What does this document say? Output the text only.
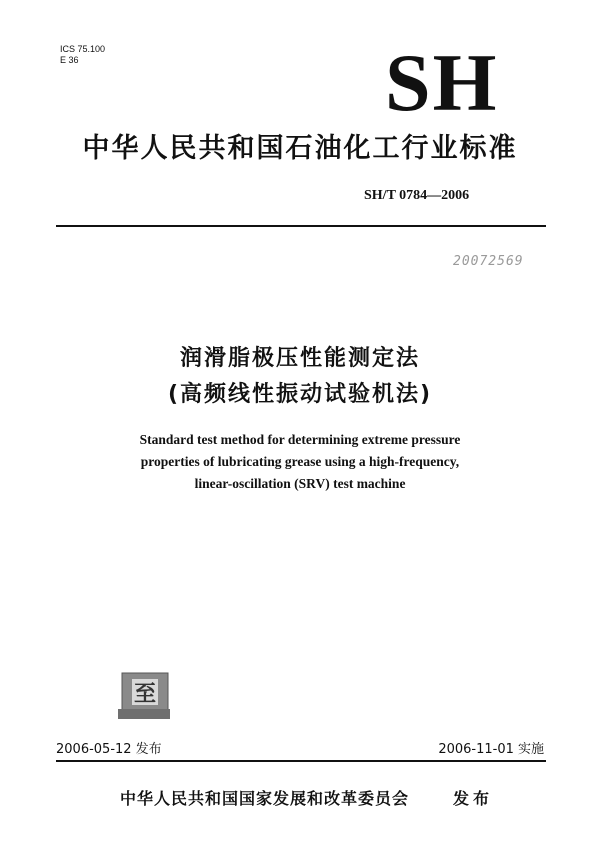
ICS 75.100
E 36	SH
中华人民共和国石油化工行业标准
SH/T 0784—2006
20072569
润滑脂极压性能测定法
(高频线性振动试验机法)
Standard test method for determining extreme pressure
properties of lubricating grease using a high-frequency,
linear-oscillation (SRV) test machine
至
2006-05-12 发布	2006-11-01 实施
中华人民共和国国家发展和改革委员会	发布
